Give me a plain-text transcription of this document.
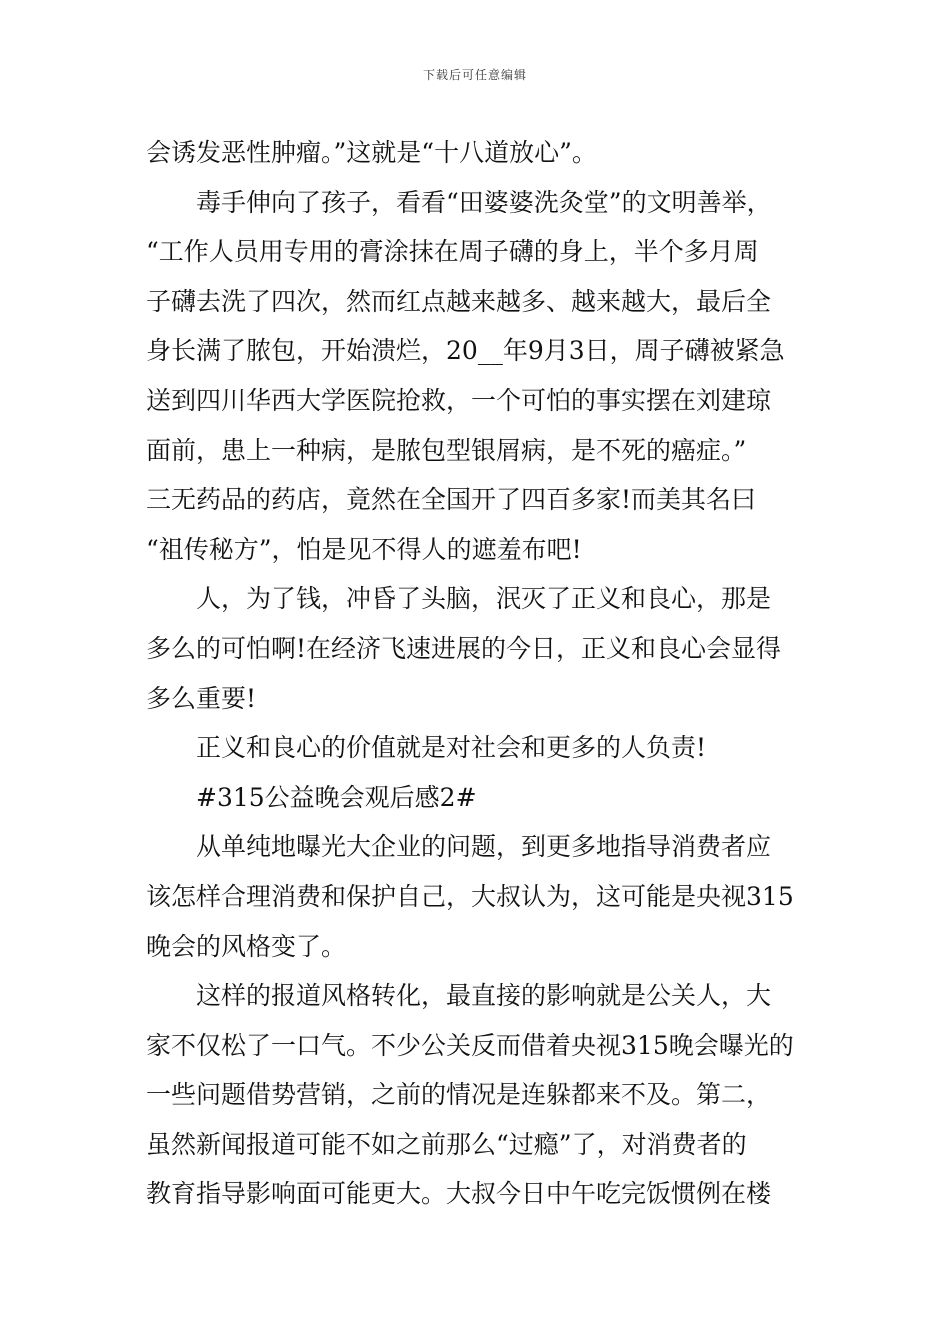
下载后可任意编辑
会诱发恶性肿瘤。”这就是“十八道放心”。
毒手伸向了孩子，看看“田婆婆洗灸堂”的文明善举，
“工作人员用专用的膏涂抹在周子礴的身上，半个多月周
子礴去洗了四次，然而红点越来越多、越来越大，最后全
身长满了脓包，开始溃烂，20__年9月3日，周子礴被紧急
送到四川华西大学医院抢救，一个可怕的事实摆在刘建琼
面前，患上一种病，是脓包型银屑病，是不死的癌症。”
三无药品的药店，竟然在全国开了四百多家!而美其名曰
“祖传秘方”，怕是见不得人的遮羞布吧!
人，为了钱，冲昏了头脑，泯灭了正义和良心，那是
多么的可怕啊!在经济飞速进展的今日，正义和良心会显得
多么重要!
正义和良心的价值就是对社会和更多的人负责!
#315公益晚会观后感2#
从单纯地曝光大企业的问题，到更多地指导消费者应
该怎样合理消费和保护自己，大叔认为，这可能是央视315
晚会的风格变了。
这样的报道风格转化，最直接的影响就是公关人，大
家不仅松了一口气。不少公关反而借着央视315晚会曝光的
一些问题借势营销，之前的情况是连躲都来不及。第二，
虽然新闻报道可能不如之前那么“过瘾”了，对消费者的
教育指导影响面可能更大。大叔今日中午吃完饭惯例在楼
